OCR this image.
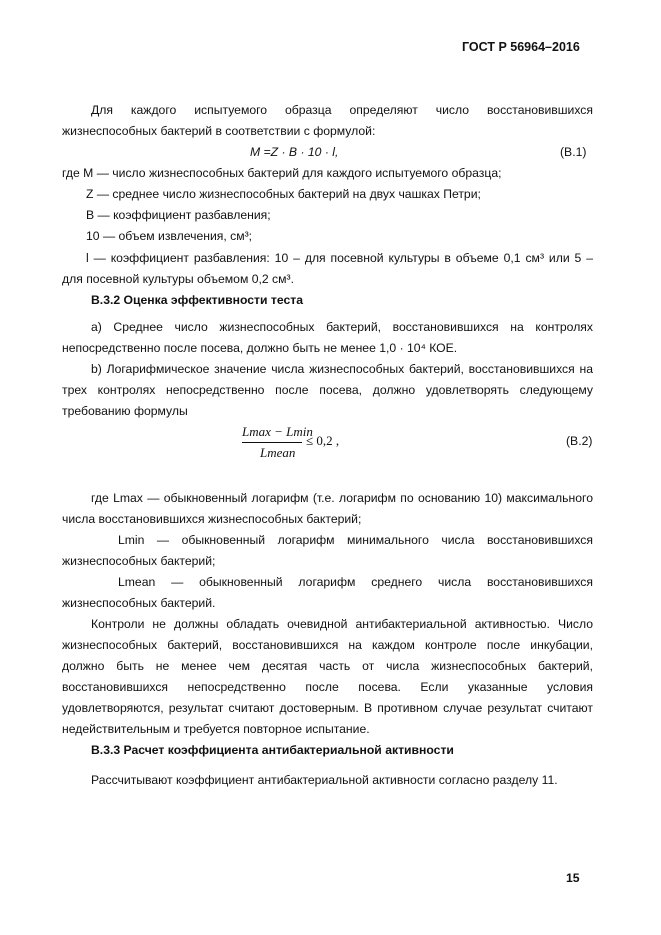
ГОСТ Р 56964–2016
Для каждого испытуемого образца определяют число восстановившихся
жизнеспособных бактерий в соответствии с формулой:
M =Z · B · 10 · l,	(В.1)
где M — число жизнеспособных бактерий для каждого испытуемого образца;
Z — среднее число жизнеспособных бактерий на двух чашках Петри;
B — коэффициент разбавления;
10 — объем извлечения, см³;
l — коэффициент разбавления: 10 – для посевной культуры в объеме 0,1 см³ или 5 –
для посевной культуры объемом 0,2 см³.
В.3.2 Оценка эффективности теста
а) Среднее число жизнеспособных бактерий, восстановившихся на контролях
непосредственно после посева, должно быть не менее 1,0 · 10⁴ КОЕ.
b) Логарифмическое значение числа жизнеспособных бактерий, восстановившихся на
трех контролях непосредственно после посева, должно удовлетворять следующему
требованию формулы
Lmax − Lmin
Lmean
≤ 0,2 ,	(В.2)
где Lmax — обыкновенный логарифм (т.е. логарифм по основанию 10) максимального
числа восстановившихся жизнеспособных бактерий;
Lmin — обыкновенный логарифм минимального числа восстановившихся
жизнеспособных бактерий;
Lmean — обыкновенный логарифм среднего числа восстановившихся
жизнеспособных бактерий.
Контроли не должны обладать очевидной антибактериальной активностью. Число
жизнеспособных бактерий, восстановившихся на каждом контроле после инкубации,
должно быть не менее чем десятая часть от числа жизнеспособных бактерий,
восстановившихся непосредственно после посева. Если указанные условия
удовлетворяются, результат считают достоверным. В противном случае результат считают
недействительным и требуется повторное испытание.
В.3.3 Расчет коэффициента антибактериальной активности
Рассчитывают коэффициент антибактериальной активности согласно разделу 11.
15
